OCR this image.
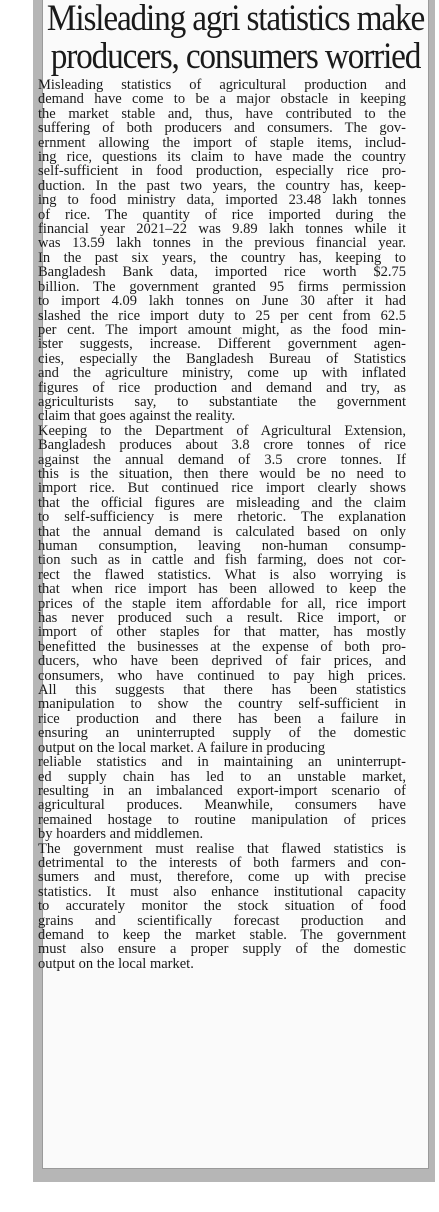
Misleading agri statistics make
producers, consumers worried
Misleading statistics of agricultural production and
demand have come to be a major obstacle in keeping
the market stable and, thus, have contributed to the
suffering of both producers and consumers. The gov-
ernment allowing the import of staple items, includ-
ing rice, questions its claim to have made the country
self-sufficient in food production, especially rice pro-
duction. In the past two years, the country has, keep-
ing to food ministry data, imported 23.48 lakh tonnes
of rice. The quantity of rice imported during the
financial year 2021–22 was 9.89 lakh tonnes while it
was 13.59 lakh tonnes in the previous financial year.
In the past six years, the country has, keeping to
Bangladesh Bank data, imported rice worth $2.75
billion. The government granted 95 firms permission
to import 4.09 lakh tonnes on June 30 after it had
slashed the rice import duty to 25 per cent from 62.5
per cent. The import amount might, as the food min-
ister suggests, increase. Different government agen-
cies, especially the Bangladesh Bureau of Statistics
and the agriculture ministry, come up with inflated
figures of rice production and demand and try, as
agriculturists say, to substantiate the government
claim that goes against the reality.
Keeping to the Department of Agricultural Extension,
Bangladesh produces about 3.8 crore tonnes of rice
against the annual demand of 3.5 crore tonnes. If
this is the situation, then there would be no need to
import rice. But continued rice import clearly shows
that the official figures are misleading and the claim
to self-sufficiency is mere rhetoric. The explanation
that the annual demand is calculated based on only
human consumption, leaving non-human consump-
tion such as in cattle and fish farming, does not cor-
rect the flawed statistics. What is also worrying is
that when rice import has been allowed to keep the
prices of the staple item affordable for all, rice import
has never produced such a result. Rice import, or
import of other staples for that matter, has mostly
benefitted the businesses at the expense of both pro-
ducers, who have been deprived of fair prices, and
consumers, who have continued to pay high prices.
All this suggests that there has been statistics
manipulation to show the country self-sufficient in
rice production and there has been a failure in
ensuring an uninterrupted supply of the domestic
output on the local market. A failure in producing
reliable statistics and in maintaining an uninterrupt-
ed supply chain has led to an unstable market,
resulting in an imbalanced export-import scenario of
agricultural produces. Meanwhile, consumers have
remained hostage to routine manipulation of prices
by hoarders and middlemen.
The government must realise that flawed statistics is
detrimental to the interests of both farmers and con-
sumers and must, therefore, come up with precise
statistics. It must also enhance institutional capacity
to accurately monitor the stock situation of food
grains and scientifically forecast production and
demand to keep the market stable. The government
must also ensure a proper supply of the domestic
output on the local market.
